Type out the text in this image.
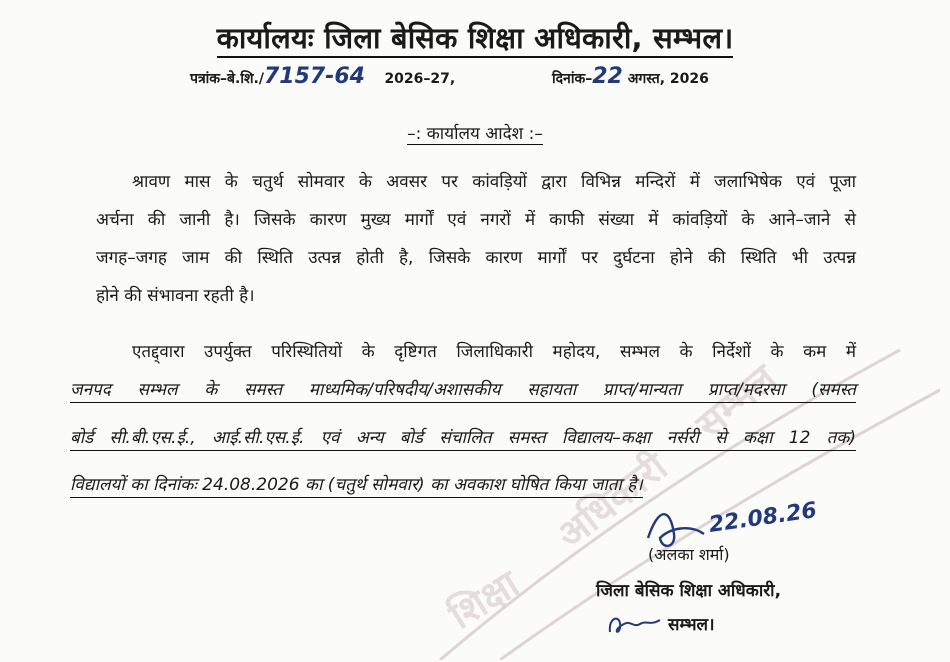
शिक्षा
अधिकारी
सम्भल
कार्यालयः जिला बेसिक शिक्षा अधिकारी, सम्भल।
पत्रांक–बे.शि./7157-64 2026–27,	दिनांक–22 अगस्त, 2026
–: कार्यालय आदेश :–
श्रावण मास के चतुर्थ सोमवार के अवसर पर कांवड़ियों द्वारा विभिन्न मन्दिरों में जलाभिषेक एवं पूजा
अर्चना की जानी है। जिसके कारण मुख्य मार्गों एवं नगरों में काफी संख्या में कांवड़ियों के आने–जाने से
जगह–जगह जाम की स्थिति उत्पन्न होती है, जिसके कारण मार्गों पर दुर्घटना होने की स्थिति भी उत्पन्न
होने की संभावना रहती है।
एतद्द्वारा उपर्युक्त परिस्थितियों के दृष्टिगत जिलाधिकारी महोदय, सम्भल के निर्देशों के कम में
जनपद सम्भल के समस्त माध्यमिक/परिषदीय/अशासकीय सहायता प्राप्त/मान्यता प्राप्त/मदरसा (समस्त
बोर्ड सी.बी.एस.ई., आई.सी.एस.ई. एवं अन्य बोर्ड संचालित समस्त विद्यालय–कक्षा नर्सरी से कक्षा 12 तक)
विद्यालयों का दिनांकः 24.08.2026 का (चतुर्थ सोमवार) का अवकाश घोषित किया जाता है।
22.08.26
(अलका शर्मा)
जिला बेसिक शिक्षा अधिकारी,
सम्भल।
